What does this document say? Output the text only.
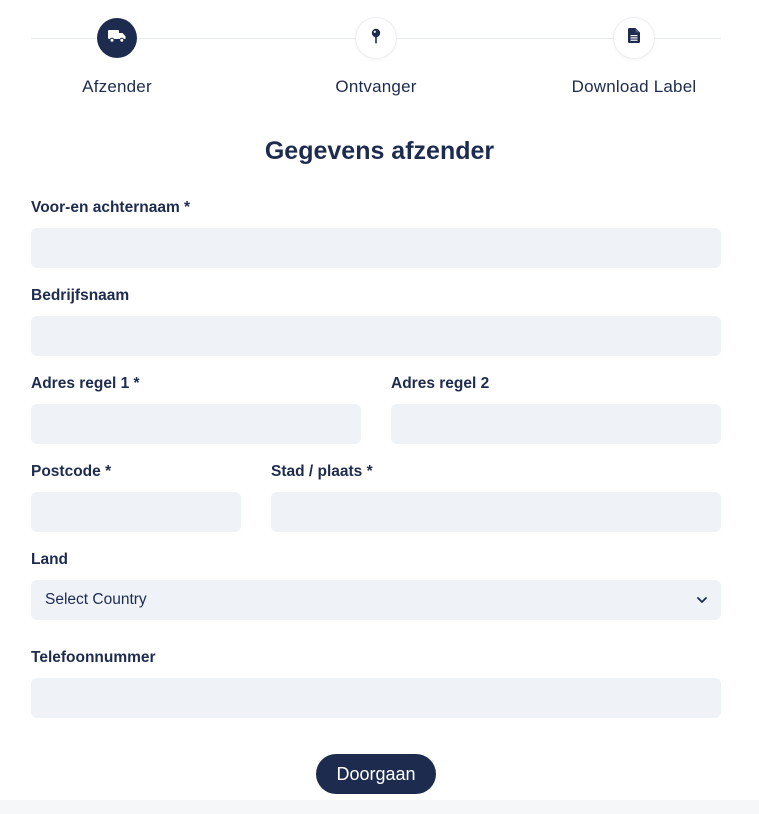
Afzender	Ontvanger	Download Label
Gegevens afzender
Voor-en achternaam *
Bedrijfsnaam
Adres regel 1 *	Adres regel 2
Postcode *	Stad / plaats *
Land
Select Country
Telefoonnummer
Doorgaan
